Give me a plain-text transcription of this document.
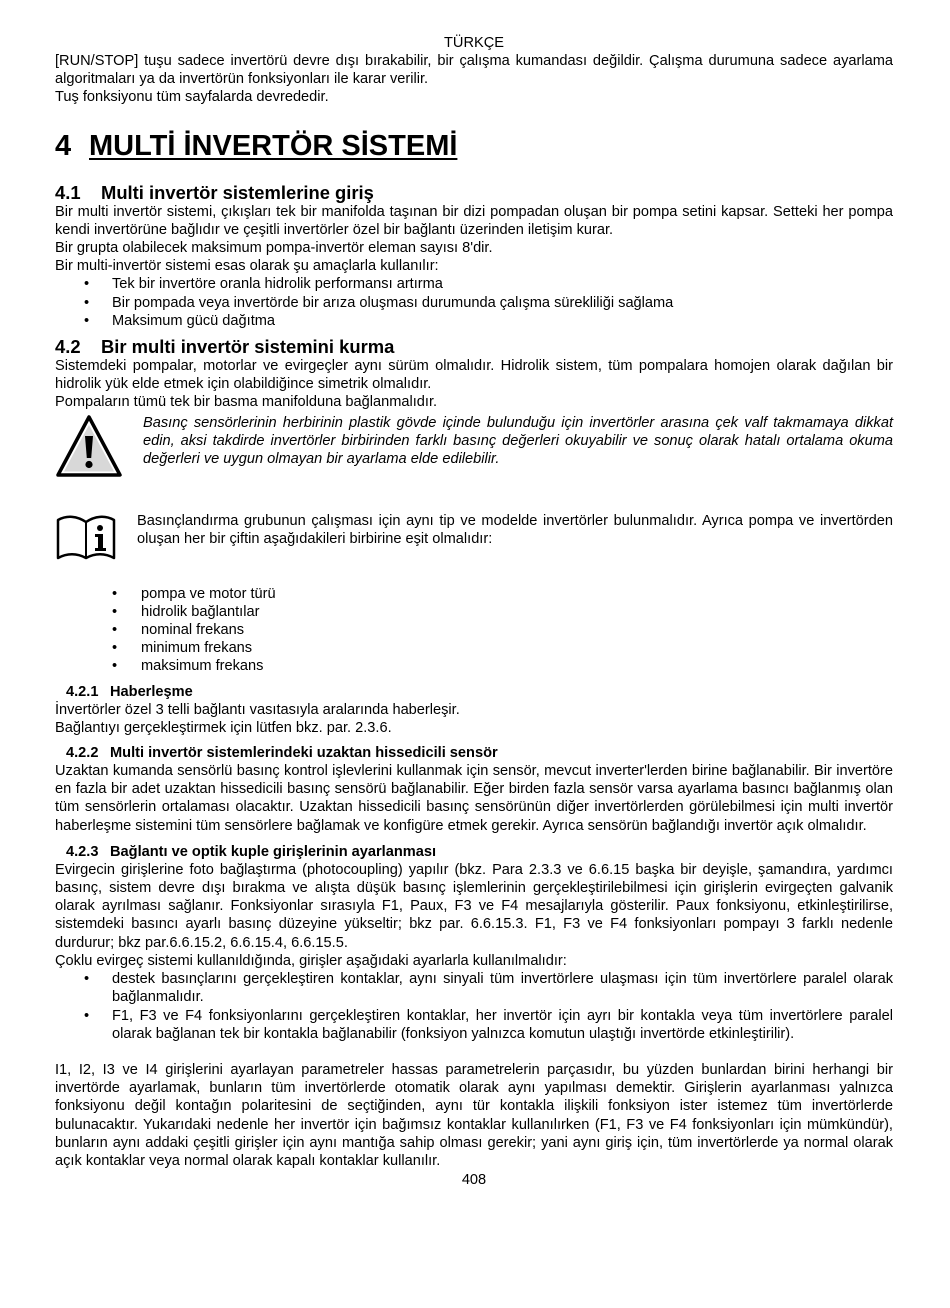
TÜRKÇE

[RUN/STOP] tuşu sadece invertörü devre dışı bırakabilir, bir çalışma kumandası değildir. Çalışma durumuna sadece ayarlama algoritmaları ya da invertörün fonksiyonları ile karar verilir.

Tuş fonksiyonu tüm sayfalarda devrededir.

4 MULTİ İNVERTÖR SİSTEMİ
4.1	Multi invertör sistemlerine giriş

Bir multi invertör sistemi, çıkışları tek bir manifolda taşınan bir dizi pompadan oluşan bir pompa setini kapsar. Setteki her pompa kendi invertörüne bağlıdır ve çeşitli invertörler özel bir bağlantı üzerinden iletişim kurar.

Bir grupta olabilecek maksimum pompa-invertör eleman sayısı 8'dir.

Bir multi-invertör sistemi esas olarak şu amaçlarla kullanılır:

• Tek bir invertöre oranla hidrolik performansı artırma
• Bir pompada veya invertörde bir arıza oluşması durumunda çalışma sürekliliği sağlama
• Maksimum gücü dağıtma
4.2	Bir multi invertör sistemini kurma

Sistemdeki pompalar, motorlar ve evirgeçler aynı sürüm olmalıdır. Hidrolik sistem, tüm pompalara homojen olarak dağılan bir hidrolik yük elde etmek için olabildiğince simetrik olmalıdır.

Pompaların tümü tek bir basma manifolduna bağlanmalıdır.

Basınç sensörlerinin herbirinin plastik gövde içinde bulunduğu için invertörler arasına çek valf takmamaya dikkat edin, aksi takdirde invertörler birbirinden farklı basınç değerleri okuyabilir ve sonuç olarak hatalı ortalama okuma değerleri ve uygun olmayan bir ayarlama elde edilebilir.

Basınçlandırma grubunun çalışması için aynı tip ve modelde invertörler bulunmalıdır. Ayrıca pompa ve invertörden oluşan her bir çiftin aşağıdakileri birbirine eşit olmalıdır:

• pompa ve motor türü
• hidrolik bağlantılar
• nominal frekans
• minimum frekans
• maksimum frekans
4.2.1 Haberleşme

İnvertörler özel 3 telli bağlantı vasıtasıyla aralarında haberleşir.

Bağlantıyı gerçekleştirmek için lütfen bkz. par. 2.3.6.

4.2.2 Multi invertör sistemlerindeki uzaktan hissedicili sensör

Uzaktan kumanda sensörlü basınç kontrol işlevlerini kullanmak için sensör, mevcut inverter'lerden birine bağlanabilir. Bir invertöre en fazla bir adet uzaktan hissedicili basınç sensörü bağlanabilir. Eğer birden fazla sensör varsa ayarlama basıncı bağlanmış olan tüm sensörlerin ortalaması olacaktır. Uzaktan hissedicili basınç sensörünün diğer invertörlerden görülebilmesi için multi invertör haberleşme sistemini tüm sensörlere bağlamak ve konfigüre etmek gerekir. Ayrıca sensörün bağlandığı invertör açık olmalıdır.

4.2.3 Bağlantı ve optik kuple girişlerinin ayarlanması

Evirgecin girişlerine foto bağlaştırma (photocoupling) yapılır (bkz. Para 2.3.3 ve 6.6.15 başka bir deyişle, şamandıra, yardımcı basınç, sistem devre dışı bırakma ve alışta düşük basınç işlemlerinin gerçekleştirilebilmesi için girişlerin evirgeçten galvanik olarak ayrılması sağlanır. Fonksiyonlar sırasıyla F1, Paux, F3 ve F4 mesajlarıyla gösterilir. Paux fonksiyonu, etkinleştirilirse, sistemdeki basıncı ayarlı basınç düzeyine yükseltir; bkz par. 6.6.15.3. F1, F3 ve F4 fonksiyonları pompayı 3 farklı nedenle durdurur; bkz par.6.6.15.2, 6.6.15.4, 6.6.15.5.

Çoklu evirgeç sistemi kullanıldığında, girişler aşağıdaki ayarlarla kullanılmalıdır:

• destek basınçlarını gerçekleştiren kontaklar, aynı sinyali tüm invertörlere ulaşması için tüm invertörlere paralel olarak bağlanmalıdır.
• F1, F3 ve F4 fonksiyonlarını gerçekleştiren kontaklar, her invertör için ayrı bir kontakla veya tüm invertörlere paralel olarak bağlanan tek bir kontakla bağlanabilir (fonksiyon yalnızca komutun ulaştığı invertörde etkinleştirilir).

I1, I2, I3 ve I4 girişlerini ayarlayan parametreler hassas parametrelerin parçasıdır, bu yüzden bunlardan birini herhangi bir invertörde ayarlamak, bunların tüm invertörlerde otomatik olarak aynı yapılması demektir. Girişlerin ayarlanması yalnızca fonksiyonu değil kontağın polaritesini de seçtiğinden, aynı tür kontakla ilişkili fonksiyon ister istemez tüm invertörlerde bulunacaktır. Yukarıdaki nedenle her invertör için bağımsız kontaklar kullanılırken (F1, F3 ve F4 fonksiyonları için mümkündür), bunların aynı addaki çeşitli girişler için aynı mantığa sahip olması gerekir; yani aynı giriş için, tüm invertörlerde ya normal olarak açık kontaklar veya normal olarak kapalı kontaklar kullanılır.

408
